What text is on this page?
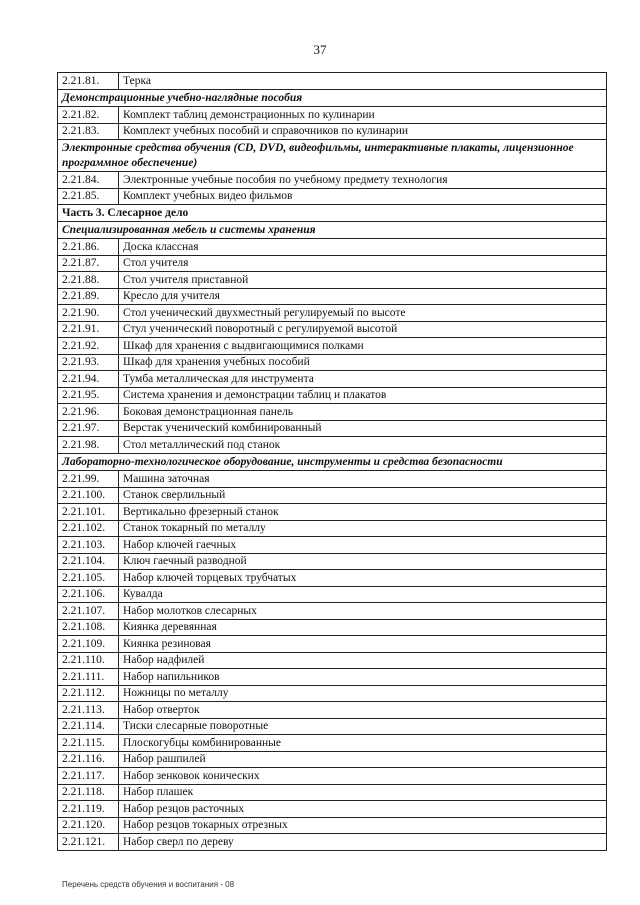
37
2.21.81.	Терка
Демонстрационные учебно-наглядные пособия	
2.21.82.	Комплект таблиц демонстрационных по кулинарии
2.21.83.	Комплект учебных пособий и справочников по кулинарии
Электронные средства обучения (CD, DVD, видеофильмы, интерактивные плакаты, лицензионное программное обеспечение)	
2.21.84.	Электронные учебные пособия по учебному предмету технология
2.21.85.	Комплект учебных видео фильмов
Часть 3. Слесарное дело	
Специализированная мебель и системы хранения	
2.21.86.	Доска классная
2.21.87.	Стол учителя
2.21.88.	Стол учителя приставной
2.21.89.	Кресло для учителя
2.21.90.	Стол ученический двухместный регулируемый по высоте
2.21.91.	Стул ученический поворотный с регулируемой высотой
2.21.92.	Шкаф для хранения с выдвигающимися полками
2.21.93.	Шкаф для хранения учебных пособий
2.21.94.	Тумба металлическая для инструмента
2.21.95.	Система хранения и демонстрации таблиц и плакатов
2.21.96.	Боковая демонстрационная панель
2.21.97.	Верстак ученический комбинированный
2.21.98.	Стол металлический под станок
Лабораторно-технологическое оборудование, инструменты и средства безопасности	
2.21.99.	Машина заточная
2.21.100.	Станок сверлильный
2.21.101.	Вертикально фрезерный станок
2.21.102.	Станок токарный по металлу
2.21.103.	Набор ключей гаечных
2.21.104.	Ключ гаечный разводной
2.21.105.	Набор ключей торцевых трубчатых
2.21.106.	Кувалда
2.21.107.	Набор молотков слесарных
2.21.108.	Киянка деревянная
2.21.109.	Киянка резиновая
2.21.110.	Набор надфилей
2.21.111.	Набор напильников
2.21.112.	Ножницы по металлу
2.21.113.	Набор отверток
2.21.114.	Тиски слесарные поворотные
2.21.115.	Плоскогубцы комбинированные
2.21.116.	Набор рашпилей
2.21.117.	Набор зенковок конических
2.21.118.	Набор плашек
2.21.119.	Набор резцов расточных
2.21.120.	Набор резцов токарных отрезных
2.21.121.	Набор сверл по дереву
Перечень средств обучения и воспитания - 08
